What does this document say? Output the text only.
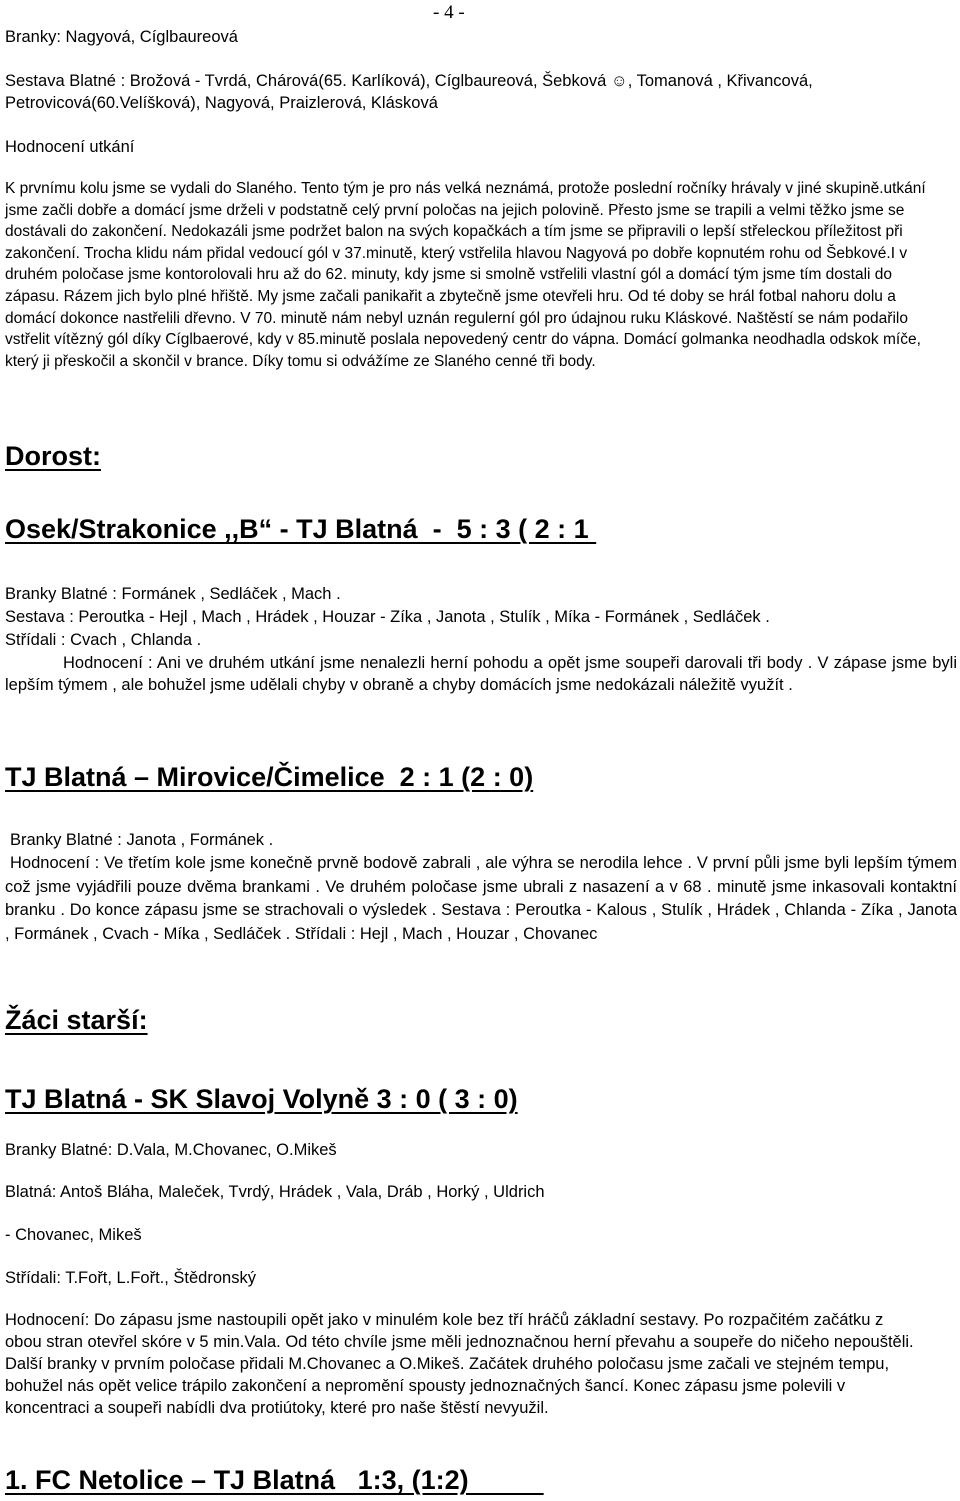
- 4 -

Branky: Nagyová, Cíglbaureová

Sestava Blatné : Brožová - Tvrdá, Chárová(65. Karlíková), Cíglbaureová, Šebková ☺, Tomanová , Křivancová, Petrovicová(60.Velíšková), Nagyová, Praizlerová, Klásková

Hodnocení utkání

K prvnímu kolu jsme se vydali do Slaného. Tento tým je pro nás velká neznámá, protože poslední ročníky hrávaly v jiné skupině.utkání jsme začli dobře a domácí jsme drželi v podstatně celý první poločas na jejich polovině. Přesto jsme se trapili a velmi těžko jsme se dostávali do zakončení. Nedokazáli jsme podržet balon na svých kopačkách a tím jsme se připravili o lepší střeleckou příležitost při zakončení. Trocha klidu nám přidal vedoucí gól v 37.minutě, který vstřelila hlavou Nagyová po dobře kopnutém rohu od Šebkové.I v druhém poločase jsme kontorolovali hru až do 62. minuty, kdy jsme si smolně vstřelili vlastní gól a domácí tým jsme tím dostali do zápasu. Rázem jich bylo plné hřiště. My jsme začali panikařit a zbytečně jsme otevřeli hru. Od té doby se hrál fotbal nahoru dolu a domácí dokonce nastřelili dřevno. V 70. minutě nám nebyl uznán regulerní gól pro údajnou ruku Kláskové. Naštěstí se nám podařilo vstřelit vítězný gól díky Cíglbaerové, kdy v 85.minutě poslala nepovedený centr do vápna. Domácí golmanka neodhadla odskok míče, který ji přeskočil a skončil v brance. Díky tomu si odvážíme ze Slaného cenné tři body.

Dorost:
Osek/Strakonice ,,B“ - TJ Blatná  -  5 : 3 ( 2 : 1

Branky Blatné : Formánek , Sedláček , Mach .

Sestava : Peroutka - Hejl , Mach , Hrádek , Houzar - Zíka , Janota , Stulík , Míka - Formánek , Sedláček .

Střídali : Cvach , Chlanda .

Hodnocení : Ani ve druhém utkání jsme nenalezli herní pohodu a opět jsme soupeři darovali tři body . V zápase jsme byli lepším týmem , ale bohužel jsme udělali chyby v obraně a chyby domácích jsme nedokázali náležitě využít .

TJ Blatná – Mirovice/Čimelice  2 : 1 (2 : 0)

Branky Blatné : Janota , Formánek .

Hodnocení : Ve třetím kole jsme konečně prvně bodově zabrali , ale výhra se nerodila lehce . V první půli jsme byli lepším týmem což jsme vyjádřili pouze dvěma brankami . Ve druhém poločase jsme ubrali z nasazení a v 68 . minutě jsme inkasovali kontaktní branku . Do konce zápasu jsme se strachovali o výsledek . Sestava : Peroutka - Kalous , Stulík , Hrádek , Chlanda - Zíka , Janota , Formánek , Cvach - Míka , Sedláček . Střídali : Hejl , Mach , Houzar , Chovanec

Žáci starší:
TJ Blatná - SK Slavoj Volyně 3 : 0 ( 3 : 0)

Branky Blatné: D.Vala, M.Chovanec, O.Mikeš

Blatná: Antoš Bláha, Maleček, Tvrdý, Hrádek , Vala, Dráb , Horký , Uldrich

- Chovanec, Mikeš

Střídali: T.Fořt, L.Fořt., Štědronský

Hodnocení: Do zápasu jsme nastoupili opět jako v minulém kole bez tří hráčů základní sestavy. Po rozpačitém začátku z obou stran otevřel skóre v 5 min.Vala. Od této chvíle jsme měli jednoznačnou herní převahu a soupeře do ničeho nepouštěli. Další branky v prvním poločase přidali M.Chovanec a O.Mikeš. Začátek druhého poločasu jsme začali ve stejném tempu, bohužel nás opět velice trápilo zakončení a nepromění spousty jednoznačných šancí. Konec zápasu jsme polevili v koncentraci a soupeři nabídli dva protiútoky, které pro naše štěstí nevyužil.

1. FC Netolice – TJ Blatná   1:3, (1:2)
